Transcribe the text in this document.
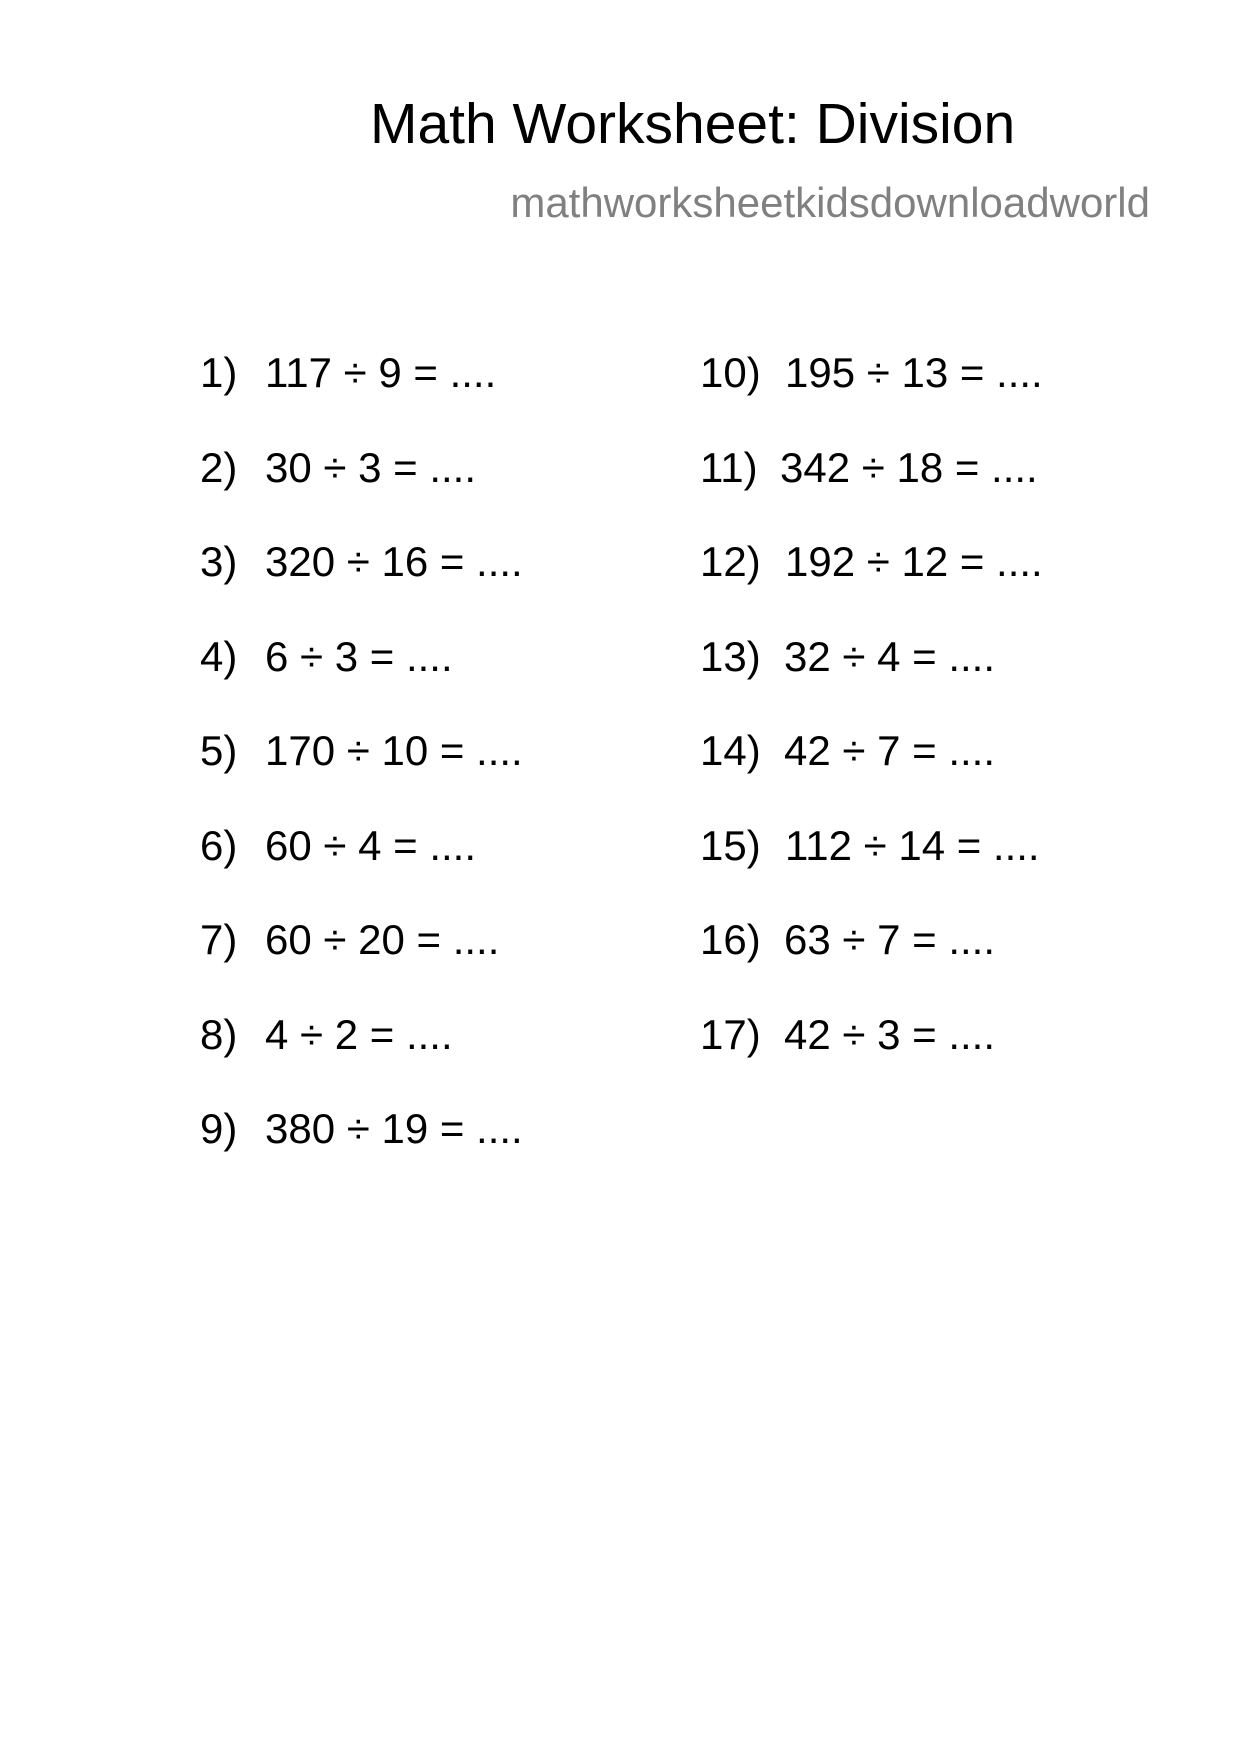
Math Worksheet: Division
mathworksheetkidsdownloadworld
1) 117 ÷ 9 = ....
2) 30 ÷ 3 = ....
3) 320 ÷ 16 = ....
4) 6 ÷ 3 = ....
5) 170 ÷ 10 = ....
6) 60 ÷ 4 = ....
7) 60 ÷ 20 = ....
8) 4 ÷ 2 = ....
9) 380 ÷ 19 = ....
10) 195 ÷ 13 = ....
11) 342 ÷ 18 = ....
12) 192 ÷ 12 = ....
13) 32 ÷ 4 = ....
14) 42 ÷ 7 = ....
15) 112 ÷ 14 = ....
16) 63 ÷ 7 = ....
17) 42 ÷ 3 = ....
